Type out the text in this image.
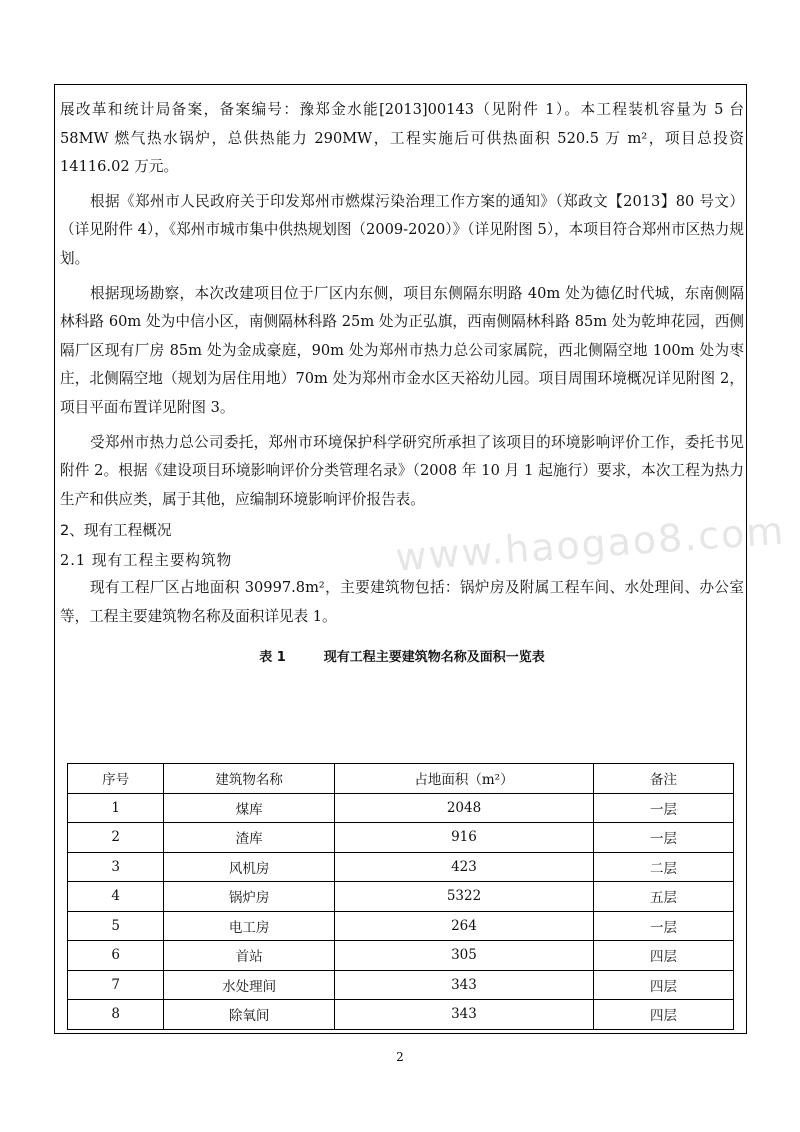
www.haogao8.com

展改革和统计局备案，备案编号：豫郑金水能[2013]00143（见附件 1）。本工程装机容量为 5 台 58MW 燃气热水锅炉，总供热能力 290MW，工程实施后可供热面积 520.5 万 m²，项目总投资 14116.02 万元。

根据《郑州市人民政府关于印发郑州市燃煤污染治理工作方案的通知》（郑政文【2013】80 号文）（详见附件 4），《郑州市城市集中供热规划图（2009-2020）》（详见附图 5），本项目符合郑州市区热力规划。

根据现场勘察，本次改建项目位于厂区内东侧，项目东侧隔东明路 40m 处为德亿时代城，东南侧隔林科路 60m 处为中信小区，南侧隔林科路 25m 处为正弘旗，西南侧隔林科路 85m 处为乾坤花园，西侧隔厂区现有厂房 85m 处为金成豪庭，90m 处为郑州市热力总公司家属院，西北侧隔空地 100m 处为枣庄，北侧隔空地（规划为居住用地）70m 处为郑州市金水区天裕幼儿园。项目周围环境概况详见附图 2，项目平面布置详见附图 3。

受郑州市热力总公司委托，郑州市环境保护科学研究所承担了该项目的环境影响评价工作，委托书见附件 2。根据《建设项目环境影响评价分类管理名录》（2008 年 10 月 1 起施行）要求，本次工程为热力生产和供应类，属于其他，应编制环境影响评价报告表。

2、现有工程概况
2.1 现有工程主要构筑物

现有工程厂区占地面积 30997.8m²，主要建筑物包括：锅炉房及附属工程车间、水处理间、办公室等，工程主要建筑物名称及面积详见表 1。

表 1	现有工程主要建筑物名称及面积一览表
序号	建筑物名称	占地面积（m²）	备注
1	煤库	2048	一层
2	渣库	916	一层
3	风机房	423	二层
4	锅炉房	5322	五层
5	电工房	264	一层
6	首站	305	四层
7	水处理间	343	四层
8	除氧间	343	四层
2
